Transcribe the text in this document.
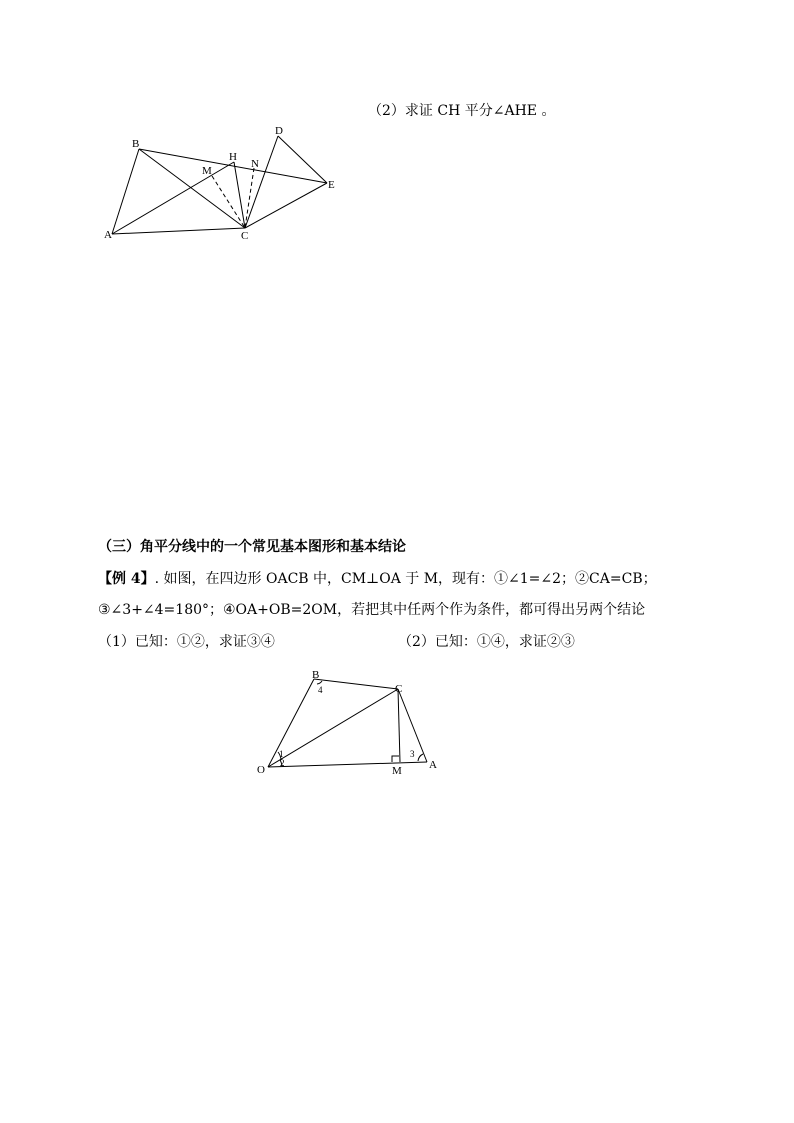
（2）求证 CH 平分∠AHE 。
B
D
H
N
M
E
A	C
（三）角平分线中的一个常见基本图形和基本结论
【例 4】. 如图，在四边形 OACB 中，CM⊥OA 于 M，现有：①∠1=∠2；②CA=CB；
③∠3+∠4=180°；④OA+OB=2OM，若把其中任两个作为条件，都可得出另两个结论
（1）已知：①②，求证③④	（2）已知：①④，求证②③
B
C
O	M A
1
2
3
4
